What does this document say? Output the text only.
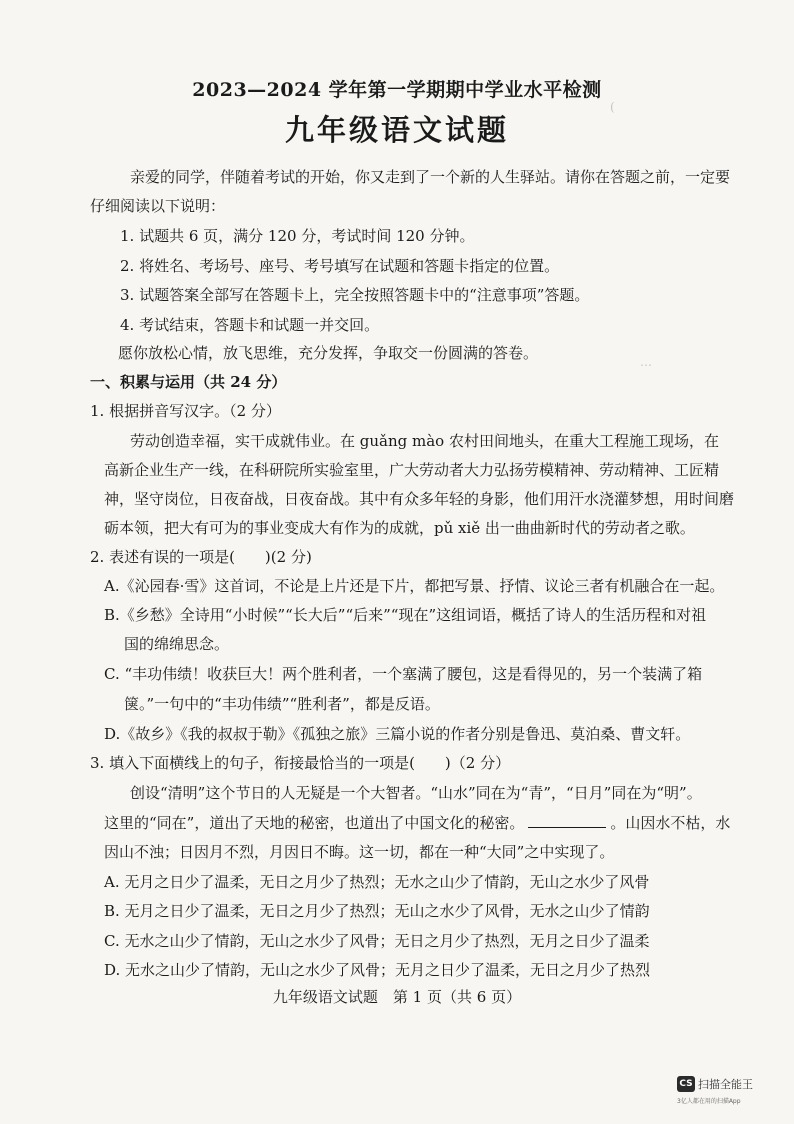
(
…
2023—2024 学年第一学期期中学业水平检测
九年级语文试题
亲爱的同学，伴随着考试的开始，你又走到了一个新的人生驿站。请你在答题之前，一定要
仔细阅读以下说明：
1. 试题共 6 页，满分 120 分，考试时间 120 分钟。
2. 将姓名、考场号、座号、考号填写在试题和答题卡指定的位置。
3. 试题答案全部写在答题卡上，完全按照答题卡中的“注意事项”答题。
4. 考试结束，答题卡和试题一并交回。
愿你放松心情，放飞思维，充分发挥，争取交一份圆满的答卷。
一、积累与运用（共 24 分）
1. 根据拼音写汉字。（2 分）
劳动创造幸福，实干成就伟业。在 guǎng mào 农村田间地头，在重大工程施工现场，在
高新企业生产一线，在科研院所实验室里，广大劳动者大力弘扬劳模精神、劳动精神、工匠精
神，坚守岗位，日夜奋战，日夜奋战。其中有众多年轻的身影，他们用汗水浇灌梦想，用时间磨
砺本领，把大有可为的事业变成大有作为的成就，pǔ xiě 出一曲曲新时代的劳动者之歌。
2. 表述有误的一项是(　　)(2 分)
A.《沁园春·雪》这首词，不论是上片还是下片，都把写景、抒情、议论三者有机融合在一起。
B.《乡愁》全诗用“小时候”“长大后”“后来”“现在”这组词语，概括了诗人的生活历程和对祖
国的绵绵思念。
C. “丰功伟绩！收获巨大！两个胜利者，一个塞满了腰包，这是看得见的，另一个装满了箱
箧。”一句中的“丰功伟绩”“胜利者”，都是反语。
D.《故乡》《我的叔叔于勒》《孤独之旅》三篇小说的作者分别是鲁迅、莫泊桑、曹文轩。
3. 填入下面横线上的句子，衔接最恰当的一项是(　　)（2 分）
创设“清明”这个节日的人无疑是一个大智者。“山水”同在为“青”，“日月”同在为“明”。
这里的“同在”，道出了天地的秘密，也道出了中国文化的秘密。	。山因水不枯，水
因山不浊；日因月不烈，月因日不晦。这一切，都在一种“大同”之中实现了。
A. 无月之日少了温柔，无日之月少了热烈；无水之山少了情韵，无山之水少了风骨
B. 无月之日少了温柔，无日之月少了热烈；无山之水少了风骨，无水之山少了情韵
C. 无水之山少了情韵，无山之水少了风骨；无日之月少了热烈，无月之日少了温柔
D. 无水之山少了情韵，无山之水少了风骨；无月之日少了温柔，无日之月少了热烈
九年级语文试题　第 1 页（共 6 页）
CS 扫描全能王
3亿人都在用的扫描App
